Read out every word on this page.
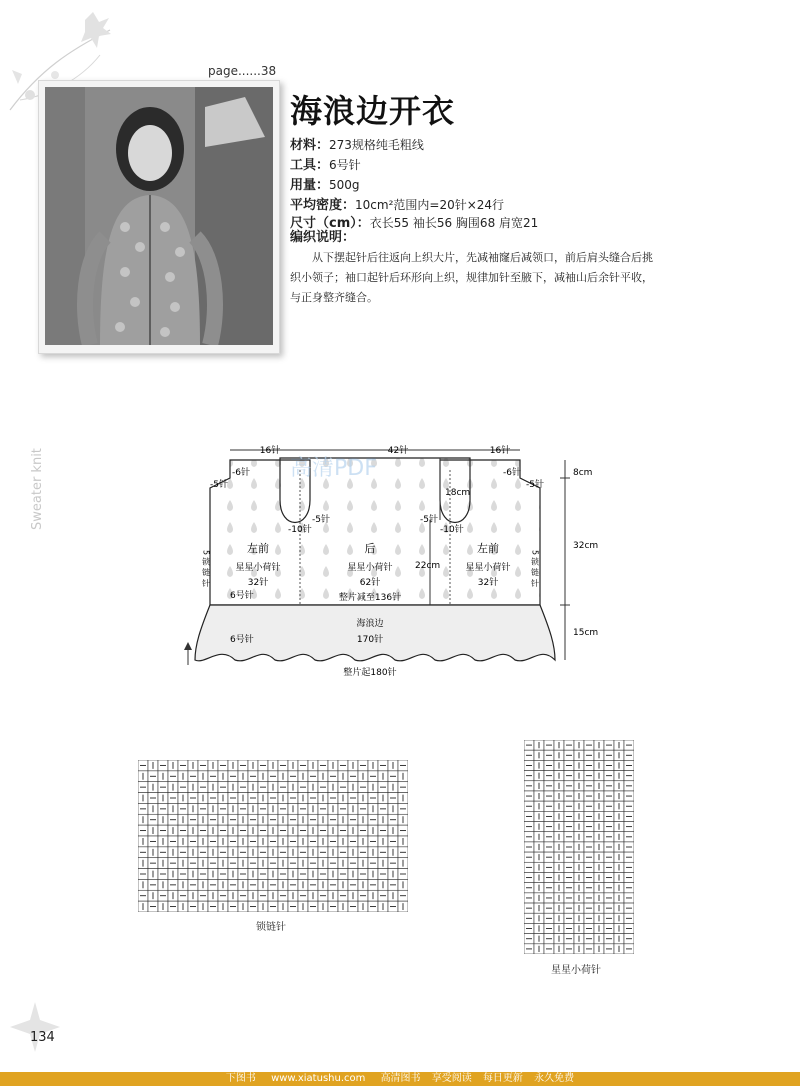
page......38
海浪边开衣
材料：273规格纯毛粗线
工具：6号针
用量：500g
平均密度：10cm²范围内=20针×24行
尺寸（cm）：衣长55 袖长56 胸围68 肩宽21
编织说明：
从下摆起针后往返向上织大片，先减袖窿后减领口，前后肩头缝合后挑织小领子；袖口起针后环形向上织，规律加针至腋下，减袖山后余针平收，与正身整齐缝合。
Sweater knit	高清PDF
42针
16针	16针
18cm
22cm
32cm
8cm
15cm
-6针	-6针
-5针	-5针
-5针	-5针
-10针	-10针
左前	后	左前
星星小荷针	星星小荷针	星星小荷针
32针	62针	32针
6号针	整片减至136针
海浪边
170针
6号针
整片起180针
5 锁 链 针	5 锁 链 针
锁链针
星星小荷针
134
下图书 www.xiatushu.com 高清图书 享受阅读 每日更新 永久免费
